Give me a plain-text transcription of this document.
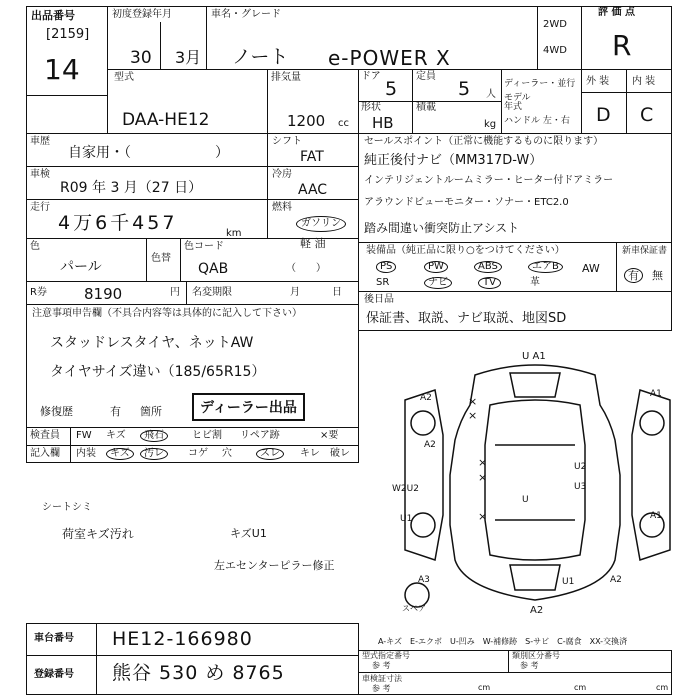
出品番号
[2159]
14
初度登録年月
30 3月
車名・グレード
ノート e-POWER X
2WD
4WD
評 価 点
R
型式
DAA-HE12
排気量
1200 cc
ドア
5
定員
5 人
形状
HB
積載
kg
ディーラー・並行
モデル年式
ハンドル 左・右
外 装 内 装
D C
車歴
自家用・（　　　　　　）
シフト
FAT
車検
R09 年 3 月（27 日）
冷房
AAC
走行
4万6千457	km
燃料
ガソリン
軽 油
（　　）
色
パール
色替
色コード
QAB
R券 8190	円 名変期限	月	日
注意事項申告欄（不具合内容等は具体的に記入して下さい）
スタッドレスタイヤ、ネットAW
タイヤサイズ違い（185/65R15）
修復歴	有 箇所	ディーラー出品
検査員
記入欄
FW キズ	飛石	ヒビ割 リペア跡	×要
内装	キズ	汚レ	コゲ 穴	スレ	キレ 破レ
シートシミ
荷室キズ汚れ	キズU1
左エセンターピラー修正
セールスポイント（正常に機能するものに限ります）
純正後付ナビ（MM317D-W）
インテリジェントルームミラー・ヒーター付ドアミラー
アラウンドビューモニター・ソナー・ETC2.0
踏み間違い衝突防止アシスト
装備品（純正品に限り○をつけてください）	新車保証書
PS	PW	ABS	エアB	AW
SR	ナビ	TV	革
有	無
後日品
保証書、取説、ナビ取説、地図SD
U A1
A2
A2
A2
W2U2
U1
A3
A1
A1
A2
U
U2
U3
U1
×
×
×
×
×
スペア
A-キズ　E-エクボ　U-凹み　W-補修跡　S-サビ　C-腐食　XX-交換済
車台番号 HE12-166980
登録番号 熊谷 530 め 8765
型式指定番号
参 考
類別区分番号
参 考
車検証寸法
参 考	cm	cm	cm
